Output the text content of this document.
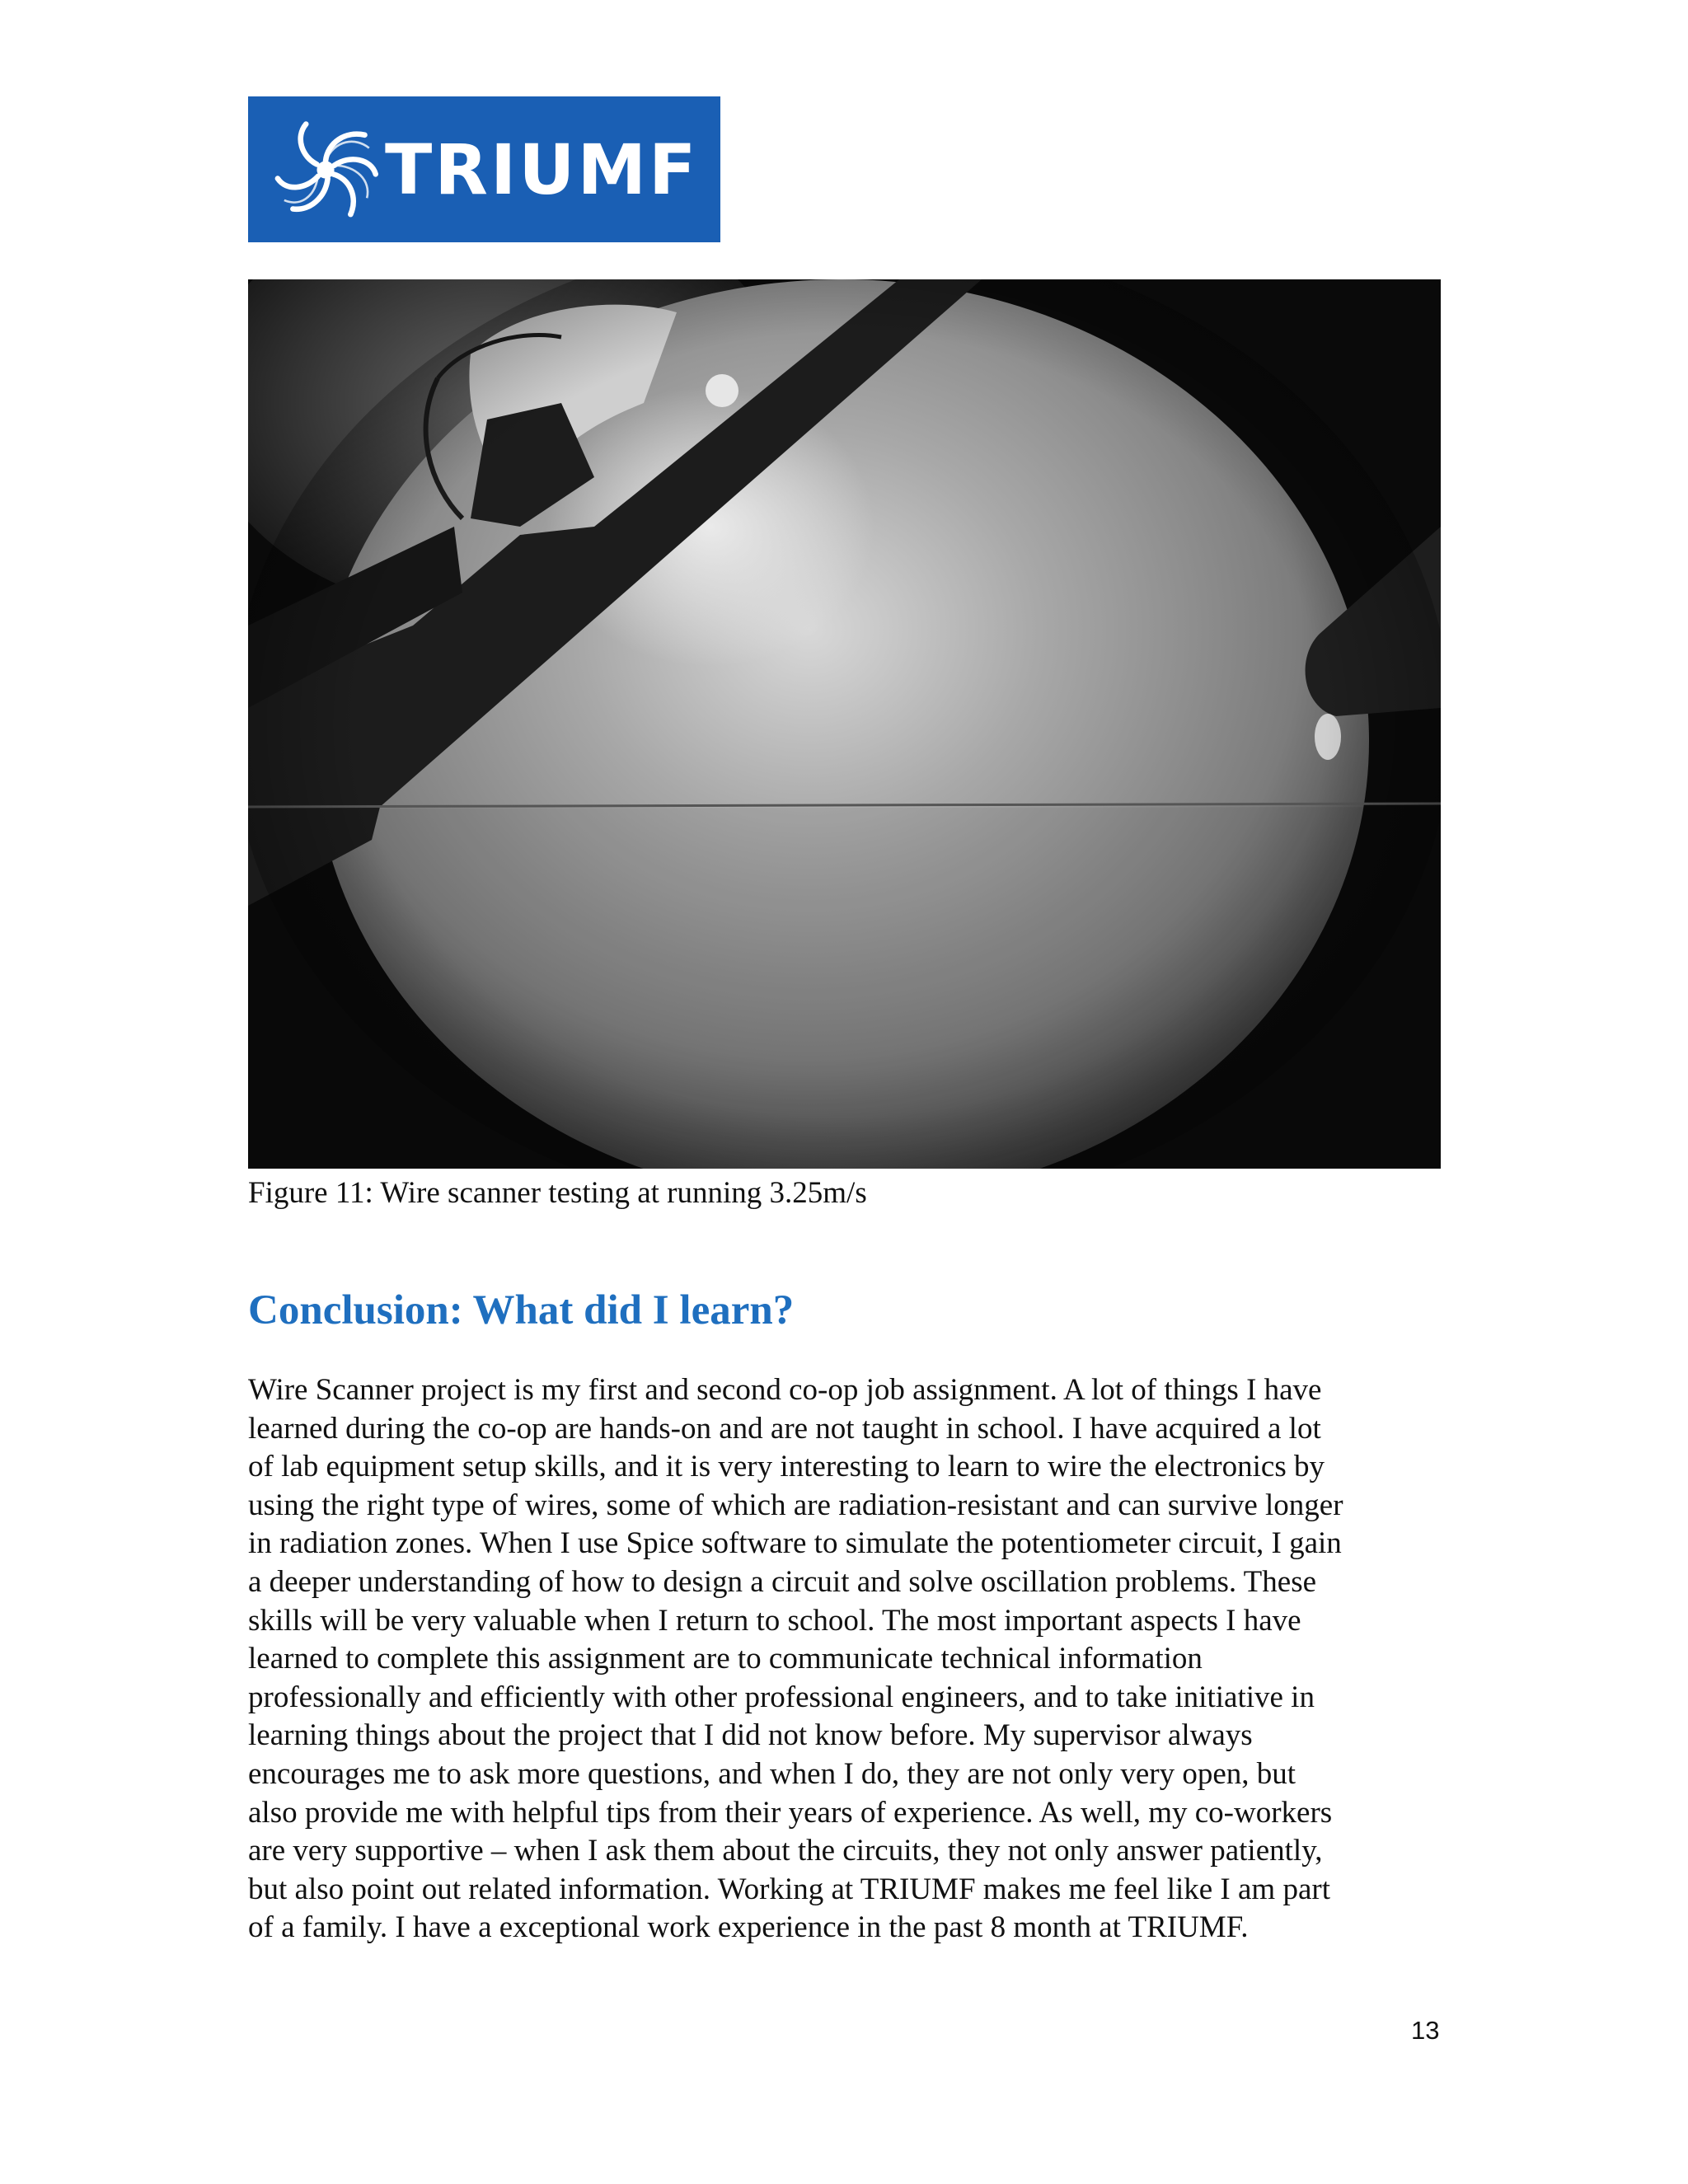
TRIUMF
Figure 11: Wire scanner testing at running 3.25m/s
Conclusion: What did I learn?
Wire Scanner project is my first and second co-op job assignment. A lot of things I have
learned during the co-op are hands-on and are not taught in school. I have acquired a lot
of lab equipment setup skills, and it is very interesting to learn to wire the electronics by
using the right type of wires, some of which are radiation-resistant and can survive longer
in radiation zones. When I use Spice software to simulate the potentiometer circuit, I gain
a deeper understanding of how to design a circuit and solve oscillation problems. These
skills will be very valuable when I return to school. The most important aspects I have
learned to complete this assignment are to communicate technical information
professionally and efficiently with other professional engineers, and to take initiative in
learning things about the project that I did not know before. My supervisor always
encourages me to ask more questions, and when I do, they are not only very open, but
also provide me with helpful tips from their years of experience. As well, my co-workers
are very supportive – when I ask them about the circuits, they not only answer patiently,
but also point out related information. Working at TRIUMF makes me feel like I am part
of a family. I have a exceptional work experience in the past 8 month at TRIUMF.
13
